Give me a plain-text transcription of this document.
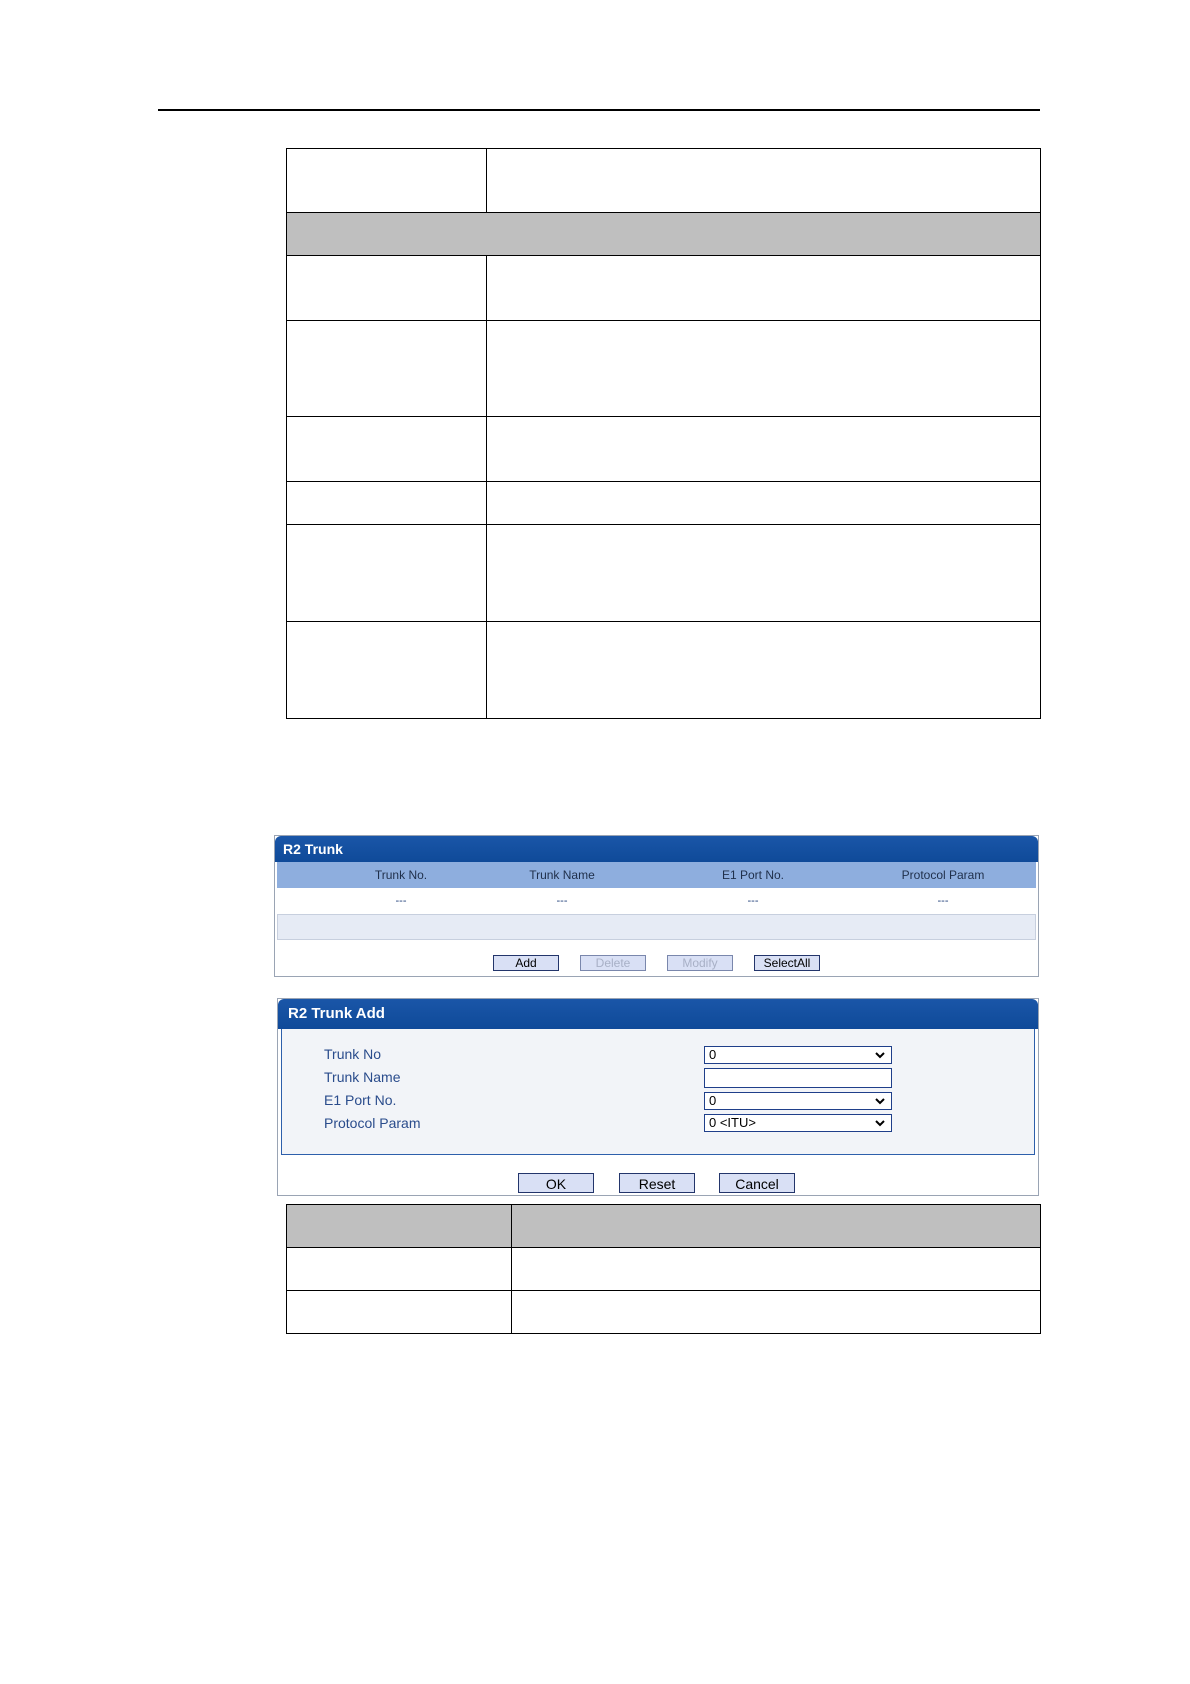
R2 Trunk
Trunk No.	Trunk Name	E1 Port No.	Protocol Param
---	---	---	---
Add	Delete	Modify	SelectAll
R2 Trunk Add
Trunk No	0
Trunk Name
E1 Port No.	0
Protocol Param	0 <ITU>
OK	Reset	Cancel
